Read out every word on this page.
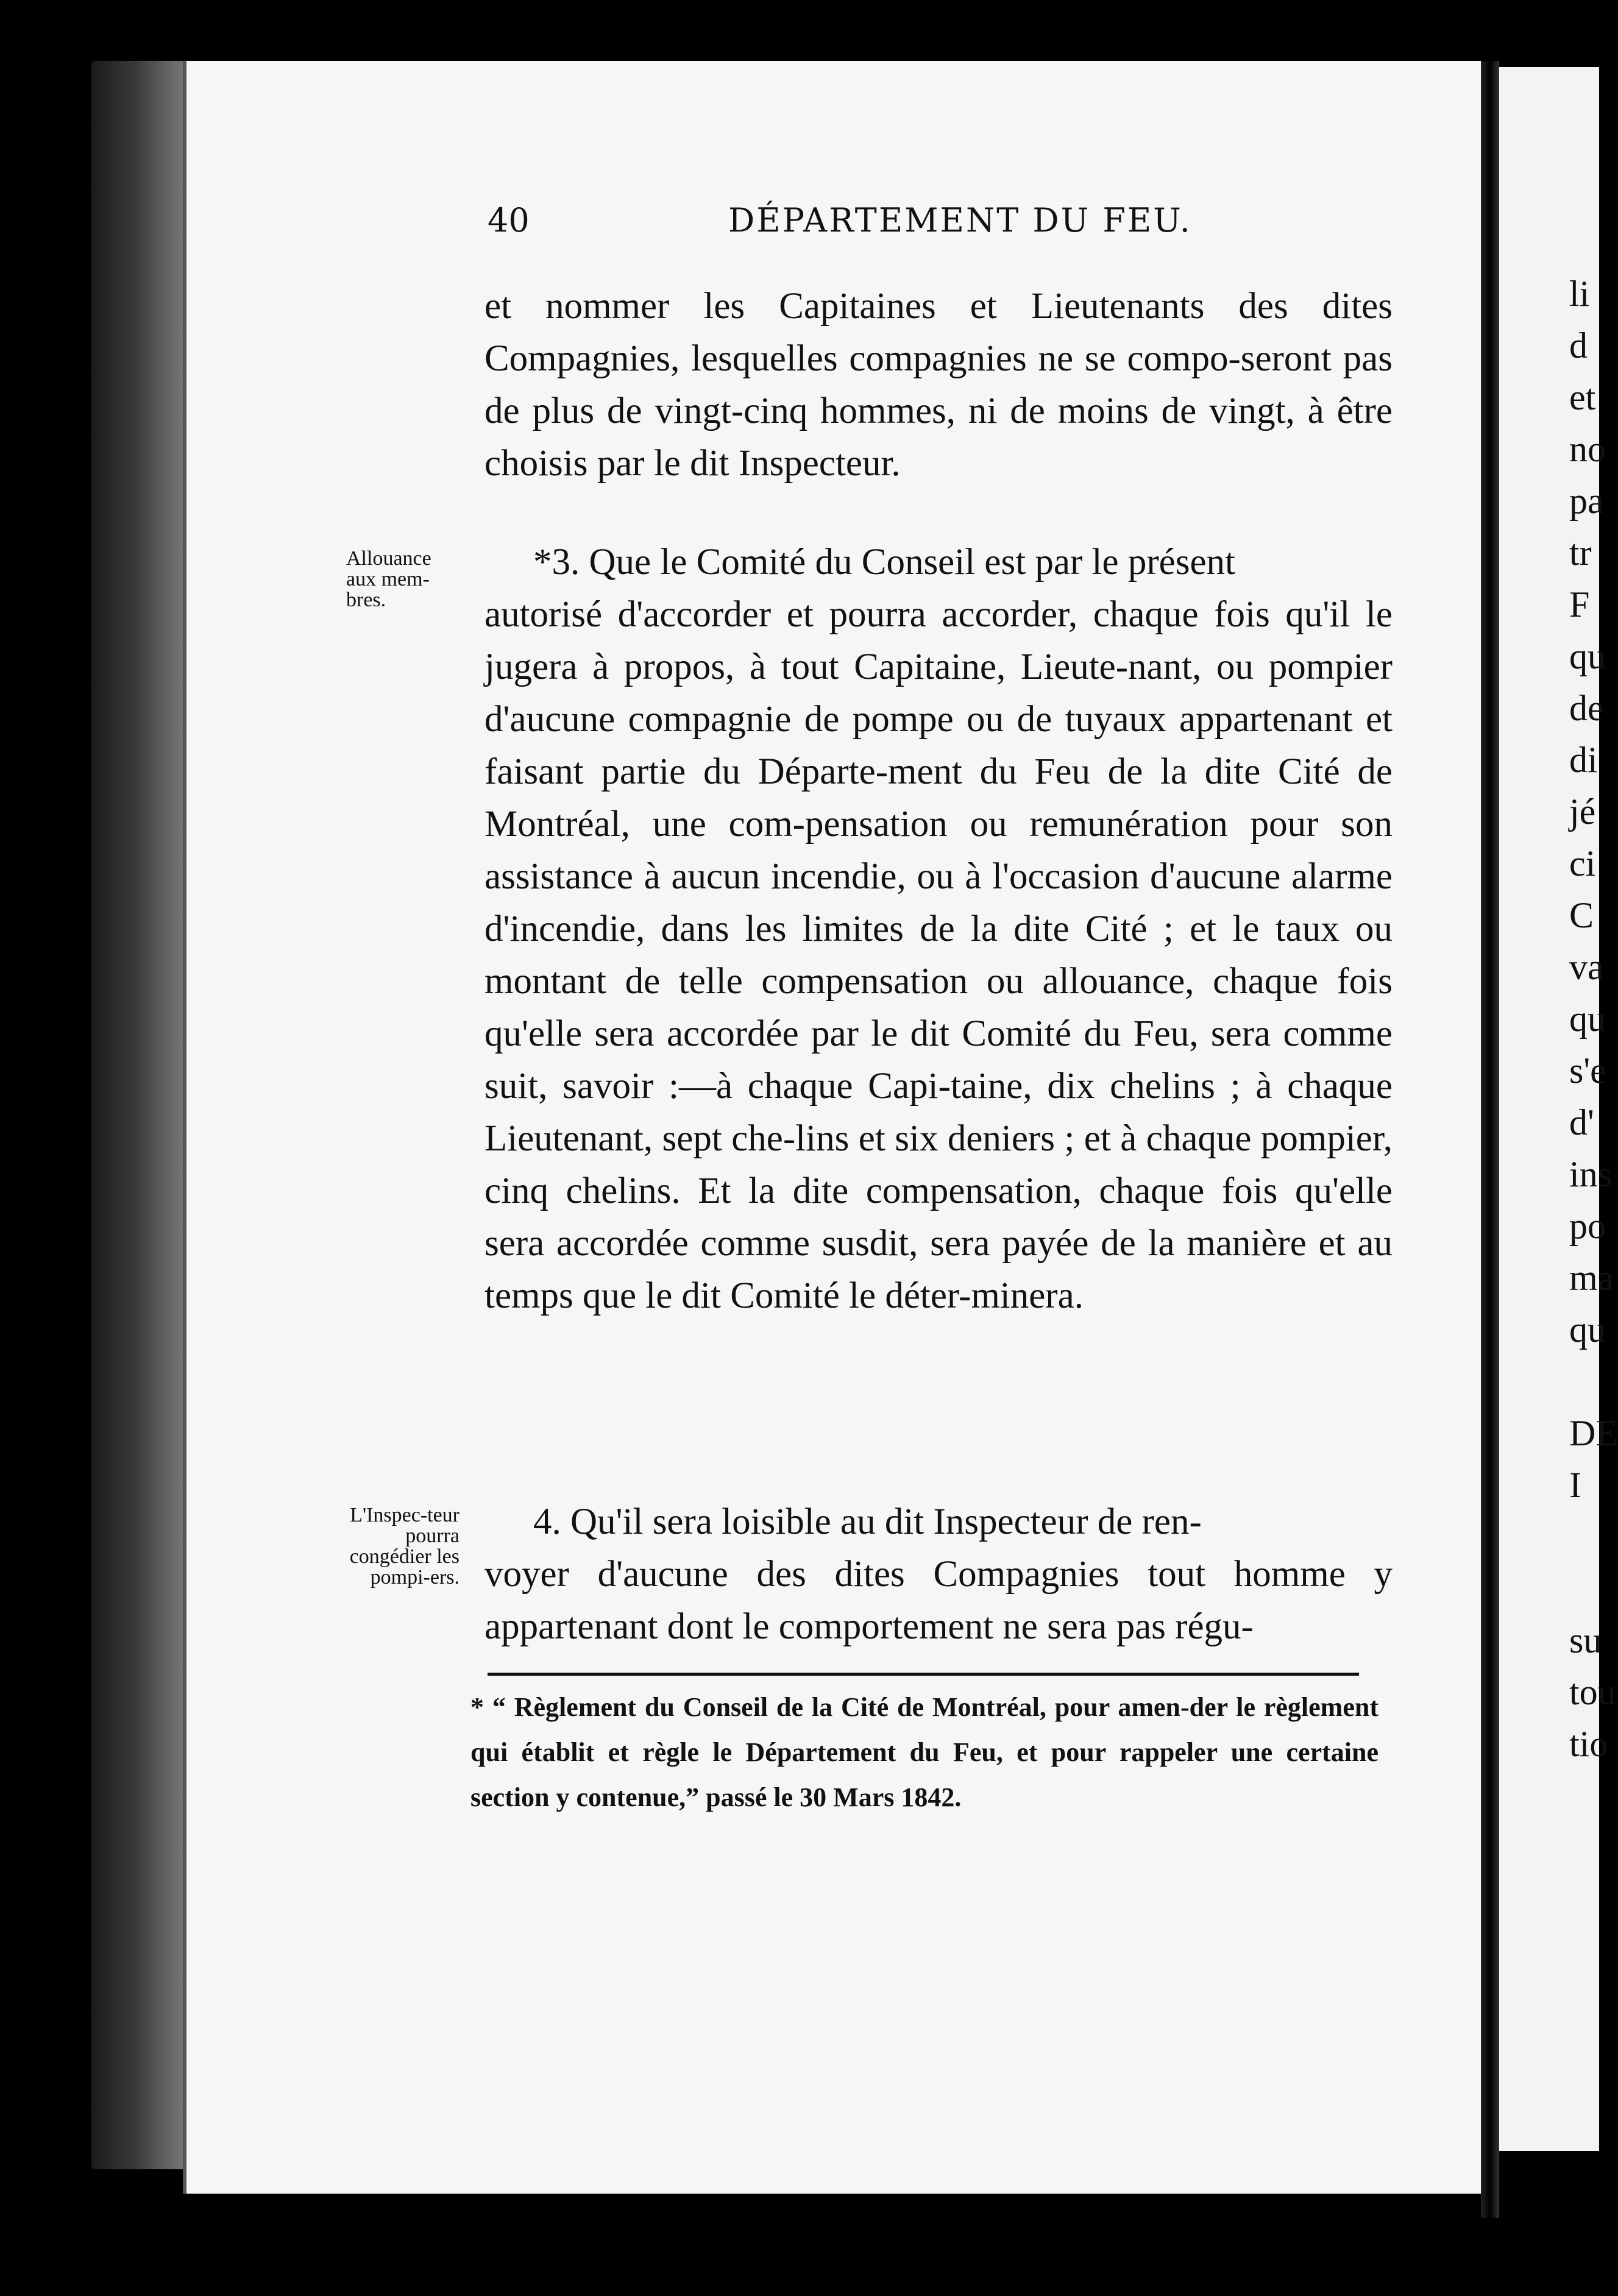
40	DÉPARTEMENT DU FEU.
et nommer les Capitaines et Lieutenants des dites Compagnies, lesquelles compagnies ne se compo-seront pas de plus de vingt-cinq hommes, ni de moins de vingt, à être choisis par le dit Inspecteur.
Allouance aux mem-bres.
*3. Que le Comité du Conseil est par le présent
autorisé d'accorder et pourra accorder, chaque fois qu'il le jugera à propos, à tout Capitaine, Lieute-nant, ou pompier d'aucune compagnie de pompe ou de tuyaux appartenant et faisant partie du Départe-ment du Feu de la dite Cité de Montréal, une com-pensation ou remunération pour son assistance à aucun incendie, ou à l'occasion d'aucune alarme d'incendie, dans les limites de la dite Cité ; et le taux ou montant de telle compensation ou allouance, chaque fois qu'elle sera accordée par le dit Comité du Feu, sera comme suit, savoir :—à chaque Capi-taine, dix chelins ; à chaque Lieutenant, sept che-lins et six deniers ; et à chaque pompier, cinq chelins. Et la dite compensation, chaque fois qu'elle sera accordée comme susdit, sera payée de la manière et au temps que le dit Comité le déter-minera.
L'Inspec-teur pourra congédier les pompi-ers.
4. Qu'il sera loisible au dit Inspecteur de ren-
voyer d'aucune des dites Compagnies tout homme y appartenant dont le comportement ne sera pas régu-
* “ Règlement du Conseil de la Cité de Montréal, pour amen-der le règlement qui établit et règle le Département du Feu, et pour rappeler une certaine section y contenue,” passé le 30 Mars 1842.
li
d
et
no
pa
tr
F
qu
de
di
jé
ci
C
va
qu
s'e
d'
ins
po
ma
qu

DE
I

su
tou
tio
